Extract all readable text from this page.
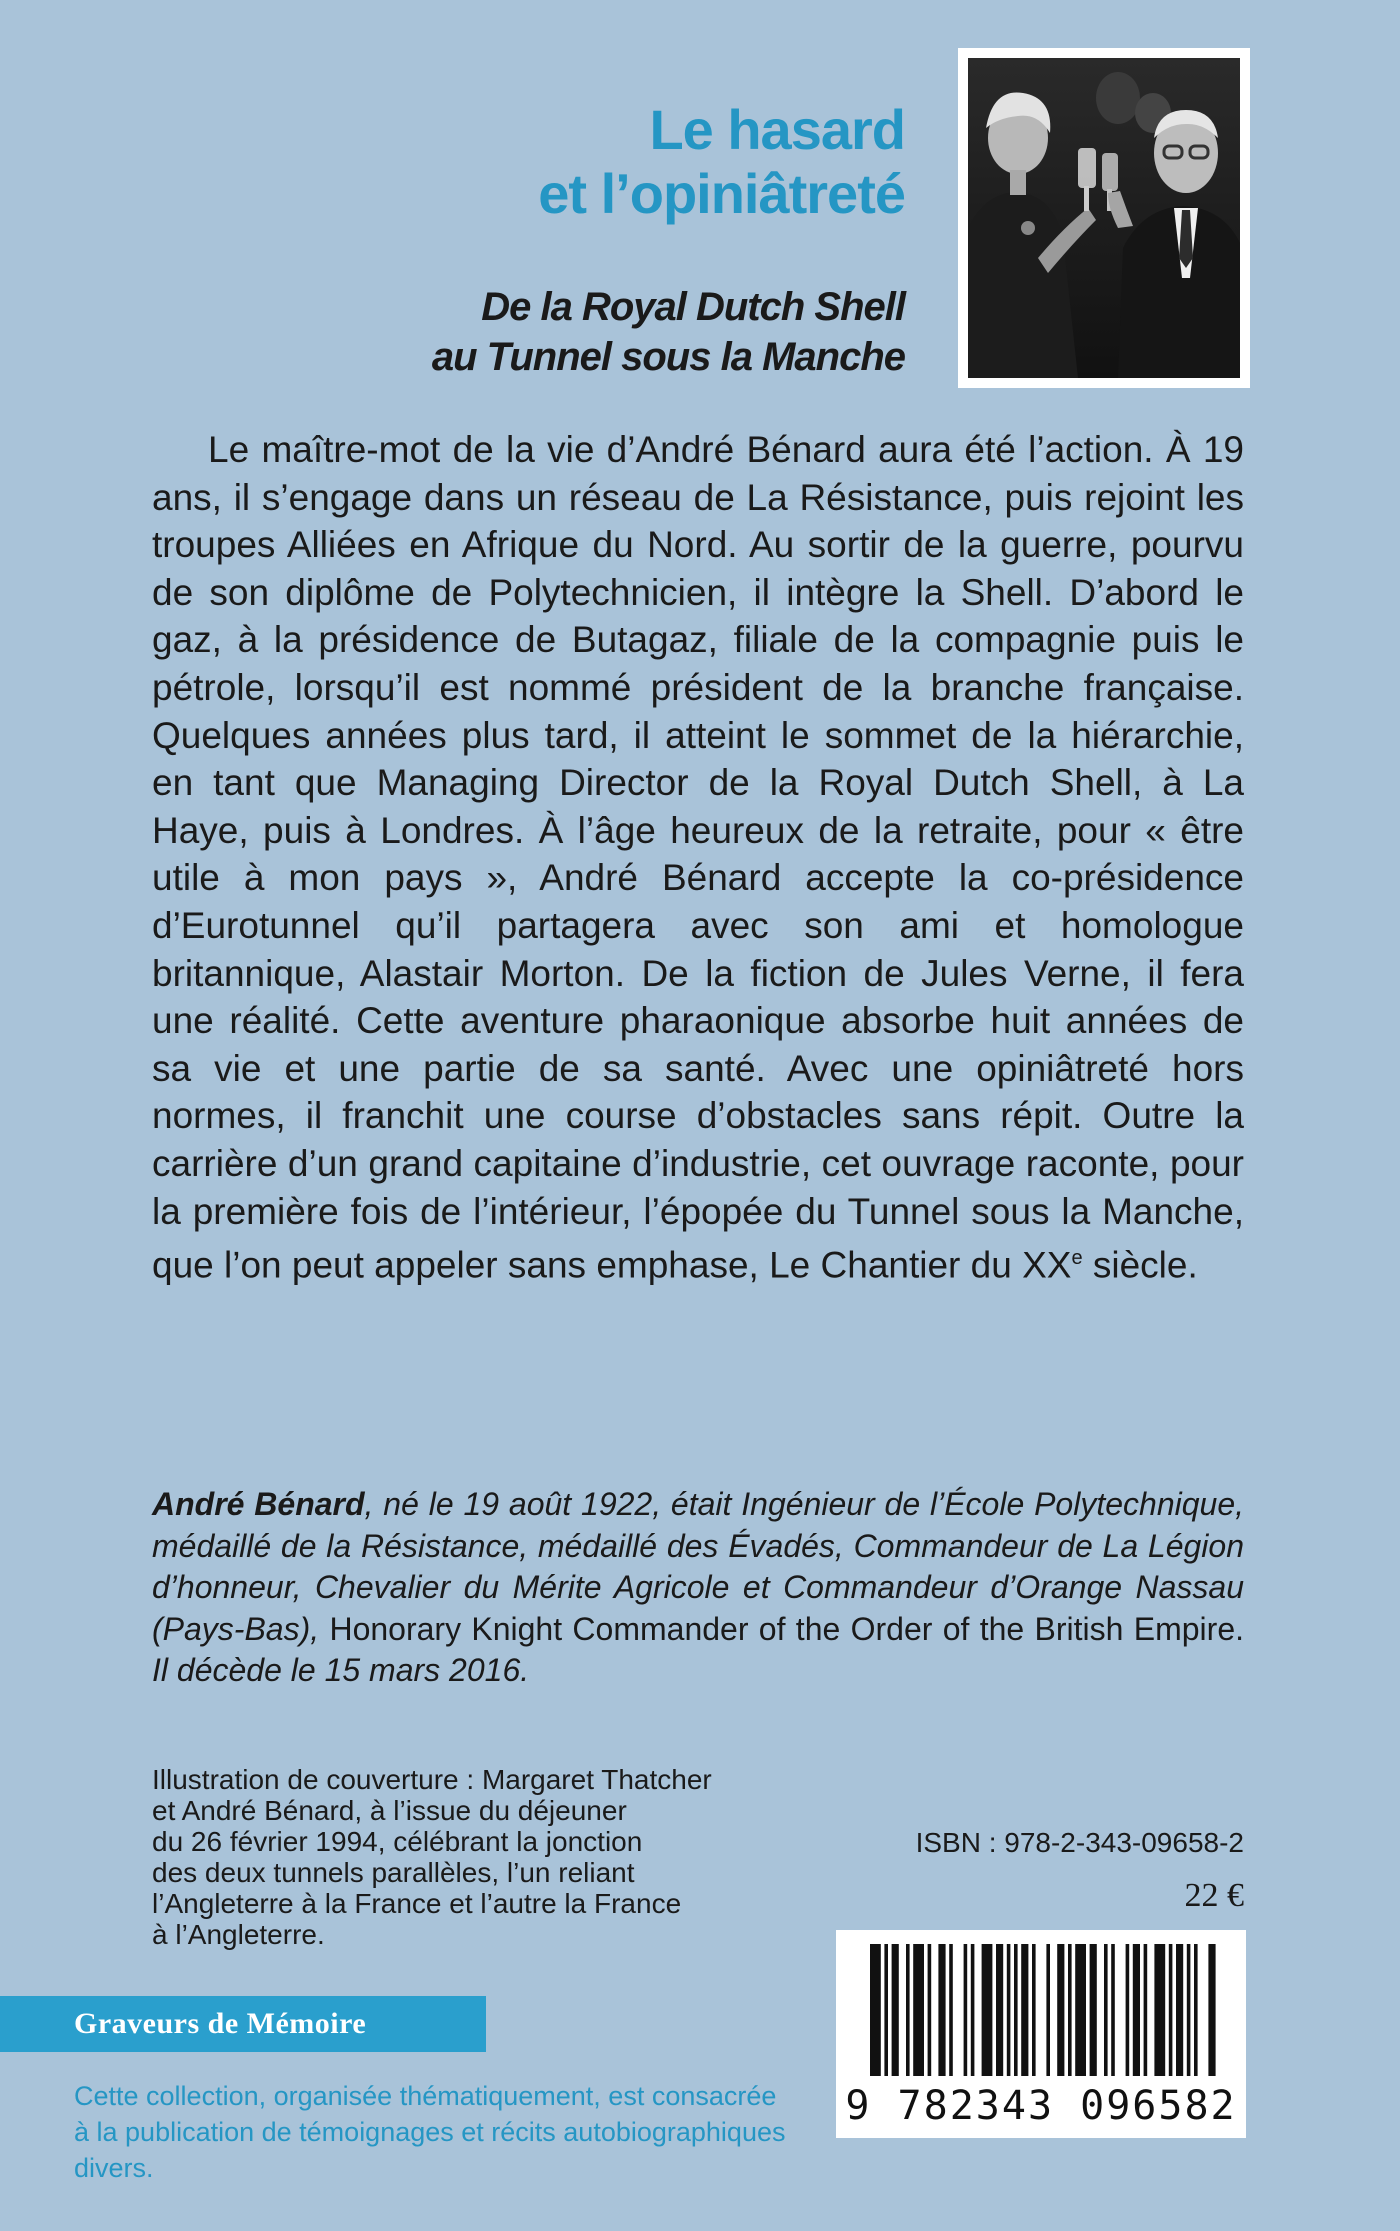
Le hasard
et l’opiniâtreté
De la Royal Dutch Shell
au Tunnel sous la Manche
Le maître-mot de la vie d’André Bénard aura été l’action. À 19 ans, il s’engage dans un réseau de La Résistance, puis rejoint les troupes Alliées en Afrique du Nord. Au sortir de la guerre, pourvu de son diplôme de Polytechnicien, il intègre la Shell. D’abord le gaz, à la présidence de Butagaz, filiale de la compagnie puis le pétrole, lorsqu’il est nommé président de la branche française. Quelques années plus tard, il atteint le sommet de la hiérarchie, en tant que Managing Director de la Royal Dutch Shell, à La Haye, puis à Londres. À l’âge heureux de la retraite, pour « être utile à mon pays », André Bénard accepte la co-présidence d’Eurotunnel qu’il partagera avec son ami et homologue britannique, Alastair Morton. De la fiction de Jules Verne, il fera une réalité. Cette aventure pharaonique absorbe huit années de sa vie et une partie de sa santé. Avec une opiniâtreté hors normes, il franchit une course d’obstacles sans répit. Outre la carrière d’un grand capitaine d’industrie, cet ouvrage raconte, pour la première fois de l’intérieur, l’épopée du Tunnel sous la Manche, que l’on peut appeler sans emphase, Le Chantier du XXe siècle.
André Bénard, né le 19 août 1922, était Ingénieur de l’École Polytechnique, médaillé de la Résistance, médaillé des Évadés, Commandeur de La Légion d’honneur, Chevalier du Mérite Agricole et Commandeur d’Orange Nassau (Pays-Bas), Honorary Knight Commander of the Order of the British Empire. Il décède le 15 mars 2016.
Illustration de couverture : Margaret Thatcher
et André Bénard, à l’issue du déjeuner
du 26 février 1994, célébrant la jonction
des deux tunnels parallèles, l’un reliant
l’Angleterre à la France et l’autre la France
à l’Angleterre.
ISBN : 978-2-343-09658-2
22 €
9 782343 096582
Graveurs de Mémoire
Cette collection, organisée thématiquement, est consacrée
à la publication de témoignages et récits autobiographiques divers.
